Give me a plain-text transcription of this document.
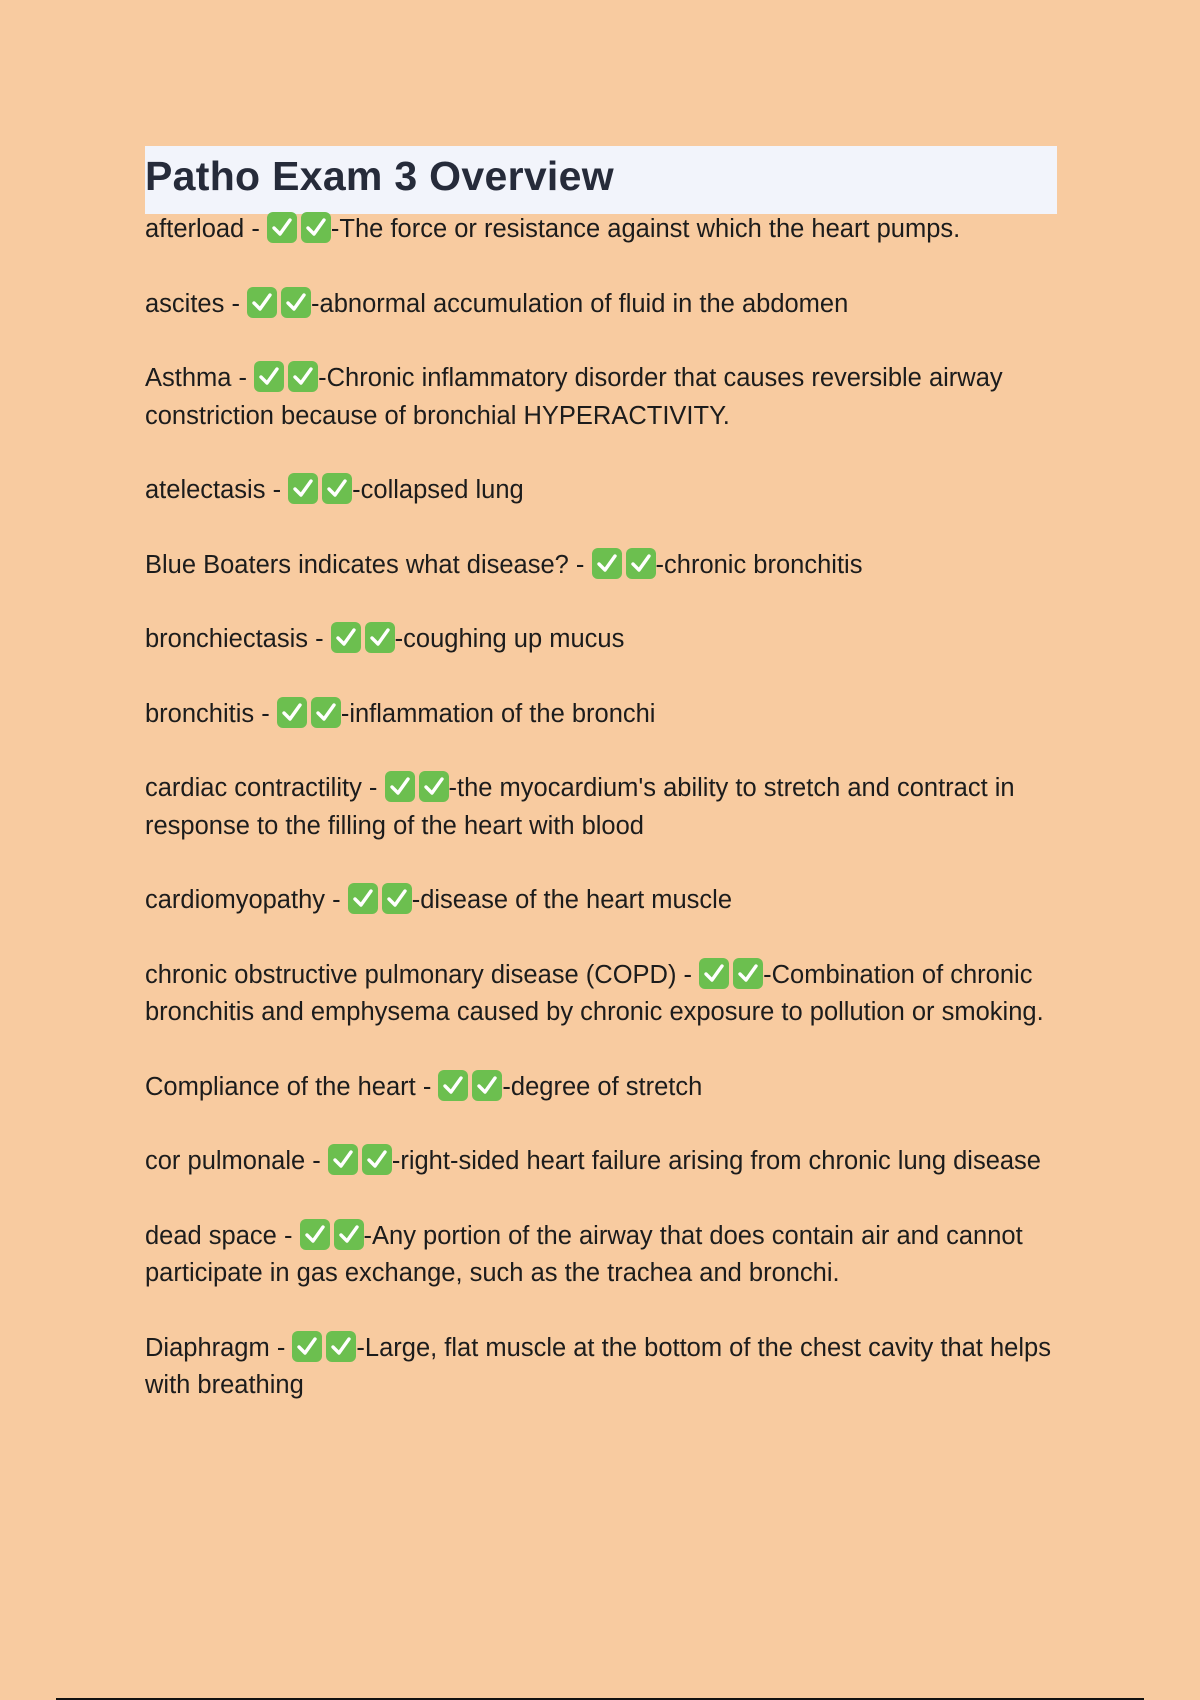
Patho Exam 3 Overview

afterload -	-The force or resistance against which the heart pumps.

ascites -	-abnormal accumulation of fluid in the abdomen

Asthma -	-Chronic inflammatory disorder that causes reversible airway constriction because of bronchial HYPERACTIVITY.

atelectasis -	-collapsed lung

Blue Boaters indicates what disease? -	-chronic bronchitis

bronchiectasis -	-coughing up mucus

bronchitis -	-inflammation of the bronchi

cardiac contractility -	-the myocardium's ability to stretch and contract in response to the filling of the heart with blood

cardiomyopathy -	-disease of the heart muscle

chronic obstructive pulmonary disease (COPD) -	-Combination of chronic bronchitis and emphysema caused by chronic exposure to pollution or smoking.

Compliance of the heart -	-degree of stretch

cor pulmonale -	-right-sided heart failure arising from chronic lung disease

dead space -	-Any portion of the airway that does contain air and cannot participate in gas exchange, such as the trachea and bronchi.

Diaphragm -	-Large, flat muscle at the bottom of the chest cavity that helps with breathing
